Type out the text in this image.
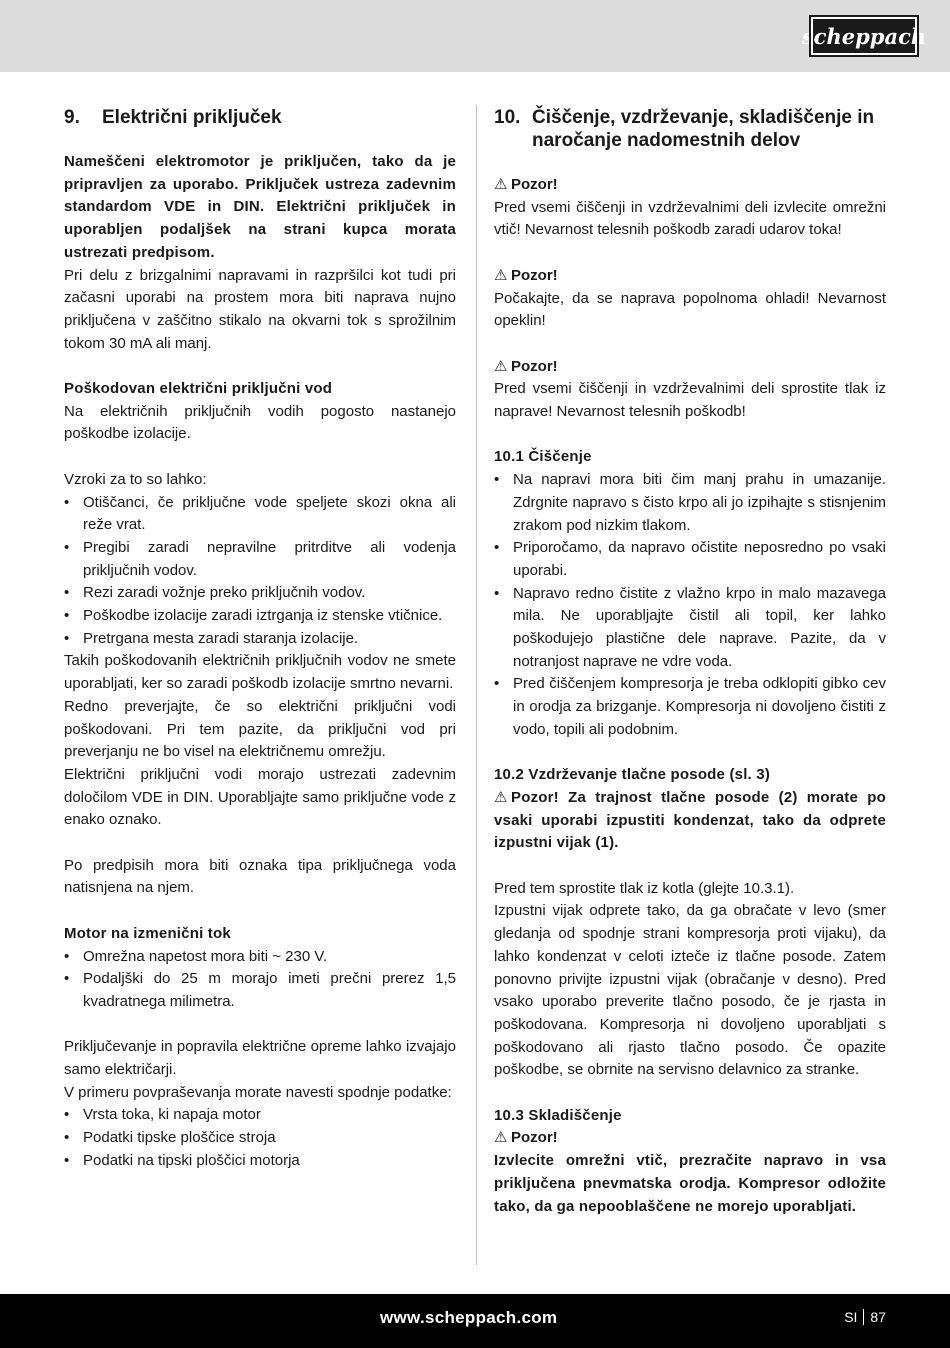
scheppach
9.	Električni priključek

Nameščeni elektromotor je priključen, tako da je pripravljen za uporabo. Priključek ustreza zadevnim standardom VDE in DIN. Električni priključek in uporabljen podaljšek na strani kupca morata ustrezati predpisom.

Pri delu z brizgalnimi napravami in razpršilci kot tudi pri začasni uporabi na prostem mora biti naprava nujno priključena v zaščitno stikalo na okvarni tok s sprožilnim tokom 30 mA ali manj.

Poškodovan električni priključni vod

Na električnih priključnih vodih pogosto nastanejo poškodbe izolacije.

Vzroki za to so lahko:

• Otiščanci, če priključne vode speljete skozi okna ali reže vrat.
• Pregibi zaradi nepravilne pritrditve ali vodenja priključnih vodov.
• Rezi zaradi vožnje preko priključnih vodov.
• Poškodbe izolacije zaradi iztrganja iz stenske vtičnice.
• Pretrgana mesta zaradi staranja izolacije.

Takih poškodovanih električnih priključnih vodov ne smete uporabljati, ker so zaradi poškodb izolacije smrtno nevarni.

Redno preverjajte, če so električni priključni vodi poškodovani. Pri tem pazite, da priključni vod pri preverjanju ne bo visel na električnemu omrežju.

Električni priključni vodi morajo ustrezati zadevnim določilom VDE in DIN. Uporabljajte samo priključne vode z enako oznako.

Po predpisih mora biti oznaka tipa priključnega voda natisnjena na njem.

Motor na izmenični tok

• Omrežna napetost mora biti ~ 230 V.
• Podaljški do 25 m morajo imeti prečni prerez 1,5 kvadratnega milimetra.

Priključevanje in popravila električne opreme lahko izvajajo samo električarji.

V primeru povpraševanja morate navesti spodnje podatke:

• Vrsta toka, ki napaja motor
• Podatki tipske ploščice stroja
• Podatki na tipski ploščici motorja
10. Čiščenje, vzdrževanje, skladiščenje in naročanje nadomestnih delov

⚠ Pozor!

Pred vsemi čiščenji in vzdrževalnimi deli izvlecite omrežni vtič! Nevarnost telesnih poškodb zaradi udarov toka!

⚠ Pozor!

Počakajte, da se naprava popolnoma ohladi! Nevarnost opeklin!

⚠ Pozor!

Pred vsemi čiščenji in vzdrževalnimi deli sprostite tlak iz naprave! Nevarnost telesnih poškodb!

10.1 Čiščenje

• Na napravi mora biti čim manj prahu in umazanije. Zdrgnite napravo s čisto krpo ali jo izpihajte s stisnjenim zrakom pod nizkim tlakom.
• Priporočamo, da napravo očistite neposredno po vsaki uporabi.
• Napravo redno čistite z vlažno krpo in malo mazavega mila. Ne uporabljajte čistil ali topil, ker lahko poškodujejo plastične dele naprave. Pazite, da v notranjost naprave ne vdre voda.
• Pred čiščenjem kompresorja je treba odklopiti gibko cev in orodja za brizganje. Kompresorja ni dovoljeno čistiti z vodo, topili ali podobnim.

10.2 Vzdrževanje tlačne posode (sl. 3)

⚠ Pozor! Za trajnost tlačne posode (2) morate po vsaki uporabi izpustiti kondenzat, tako da odprete izpustni vijak (1).

Pred tem sprostite tlak iz kotla (glejte 10.3.1).

Izpustni vijak odprete tako, da ga obračate v levo (smer gledanja od spodnje strani kompresorja proti vijaku), da lahko kondenzat v celoti izteče iz tlačne posode. Zatem ponovno privijte izpustni vijak (obračanje v desno). Pred vsako uporabo preverite tlačno posodo, če je rjasta in poškodovana. Kompresorja ni dovoljeno uporabljati s poškodovano ali rjasto tlačno posodo. Če opazite poškodbe, se obrnite na servisno delavnico za stranke.

10.3 Skladiščenje

⚠ Pozor!

Izvlecite omrežni vtič, prezračite napravo in vsa priključena pnevmatska orodja. Kompresor odložite tako, da ga nepooblaščene ne morejo uporabljati.

www.scheppach.com	SI 87
